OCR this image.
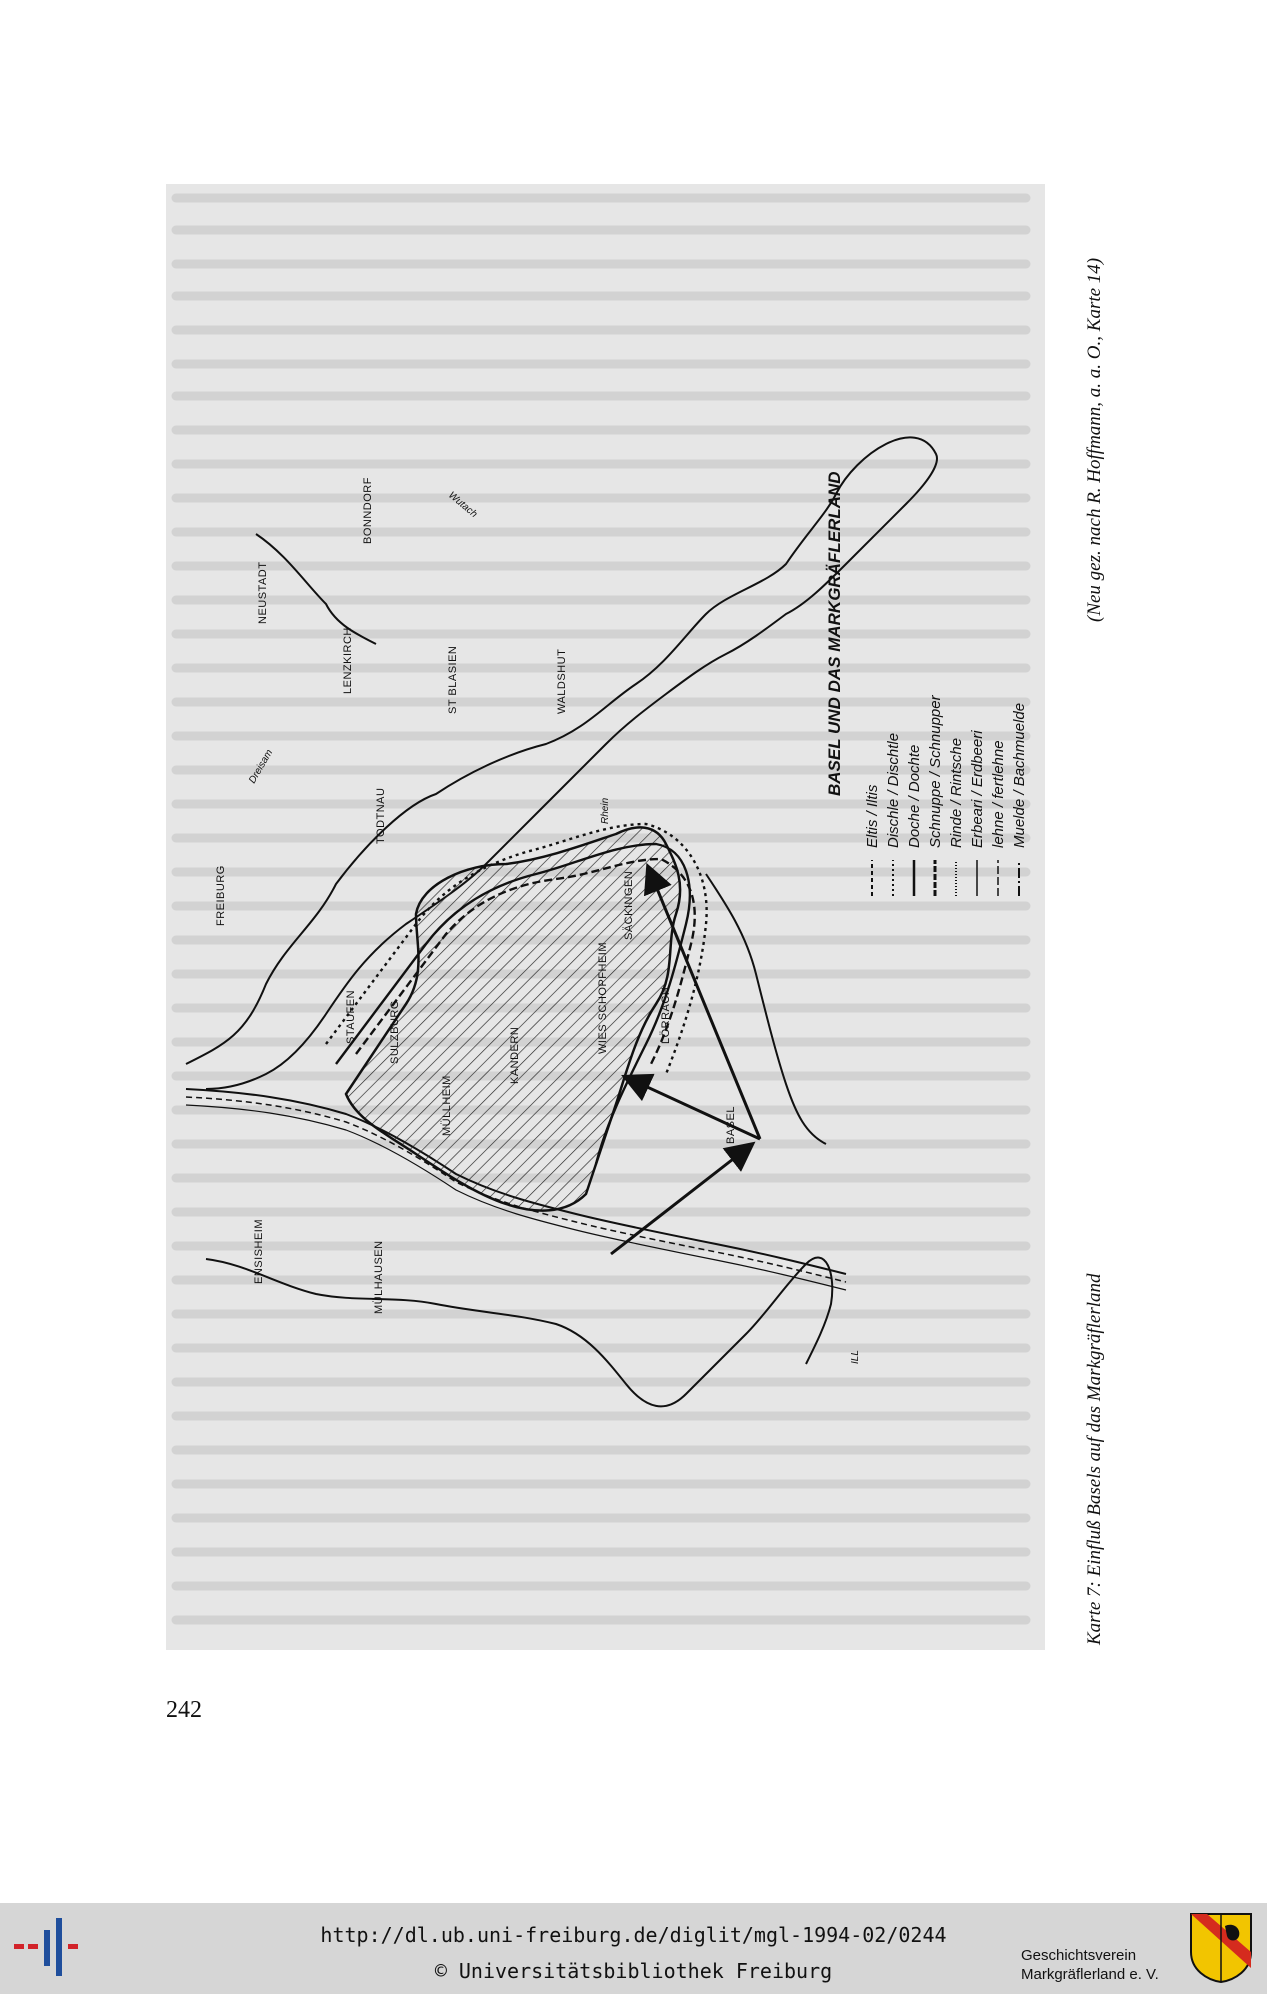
FREIBURG
NEUSTADT
LENZKIRCH
BONNDORF
ST BLASIEN	WALDSHUT
TODTNAU
SÄCKINGEN
STAUFEN	SULZBURG
MÜLLHEIM
KANDERN
WIES SCHOPFHEIM	LÖRRACH
BASEL
ENSISHEIM	MÜLHAUSEN
Dreisam
Wutach
Rhein
ILL
BASEL UND DAS MARKGRÄFLERLAND
Eltis / Iltis Dischle / Dischtle Doche / Dochte Schnuppe / Schnupper Rinde / Rintsche Erbeari / Erdbeeri lehne / fertlehne Muelde / Bachmuelde
Karte 7: Einfluß Basels auf das Markgräflerland
(Neu gez. nach R. Hoffmann, a. a. O., Karte 14)
242
http://dl.ub.uni-freiburg.de/diglit/mgl-1994-02/0244
© Universitätsbibliothek Freiburg
Geschichtsverein
Markgräflerland e. V.
